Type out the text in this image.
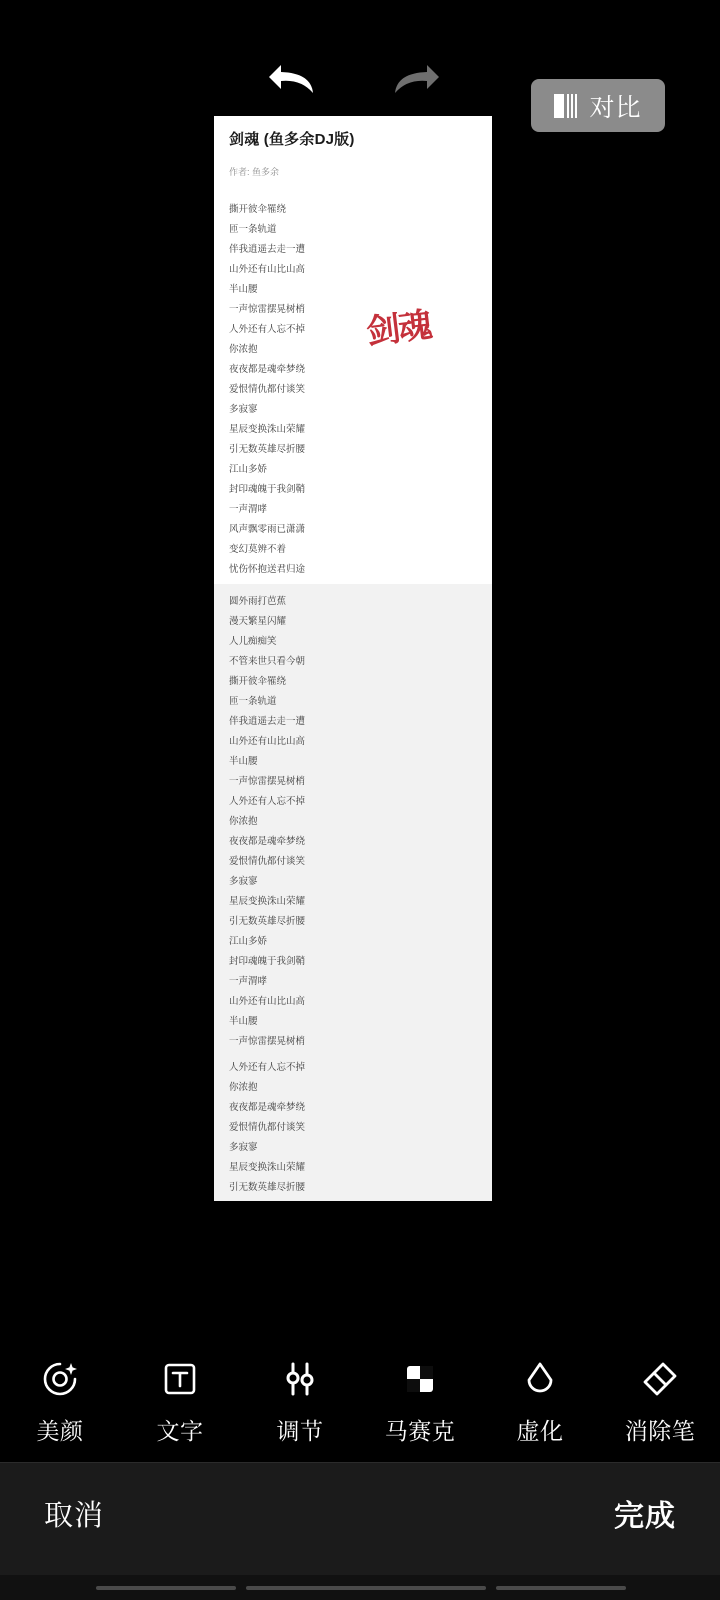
对比
剑魂 (鱼多余DJ版)
作者: 鱼多余
撕开彼伞罹绕
匝一条轨道
伴我逍遥去走一遭
山外还有山比山高
半山腰
一声惊雷摆晃树梢
人外还有人忘不掉
你浓抱
夜夜都是魂牵梦绕
爱恨情仇都付谈笑
多寂寥
星辰变换洙山荣耀
引无数英雄尽折腰
江山多娇
封印魂魄于我剑鞘
一声渭哮
风声飘零雨已潇潇
变幻莫辨不着
忧伤怀抱送君归途
圆外雨打芭蕉
漫天繁星闪耀
人儿痴痴笑
不管来世只看今朝
撕开彼伞罹绕
匝一条轨道
伴我逍遥去走一遭
山外还有山比山高
半山腰
一声惊雷摆晃树梢
人外还有人忘不掉
你浓抱
夜夜都是魂牵梦绕
爱恨情仇都付谈笑
多寂寥
星辰变换洙山荣耀
引无数英雄尽折腰
江山多娇
封印魂魄于我剑鞘
一声渭哮
山外还有山比山高
半山腰
一声惊雷摆晃树梢
人外还有人忘不掉
你浓抱
夜夜都是魂牵梦绕
爱恨情仇都付谈笑
多寂寥
星辰变换洙山荣耀
引无数英雄尽折腰
剑魂
美颜	文字	调节	马赛克	虚化	消除笔
取消	完成
